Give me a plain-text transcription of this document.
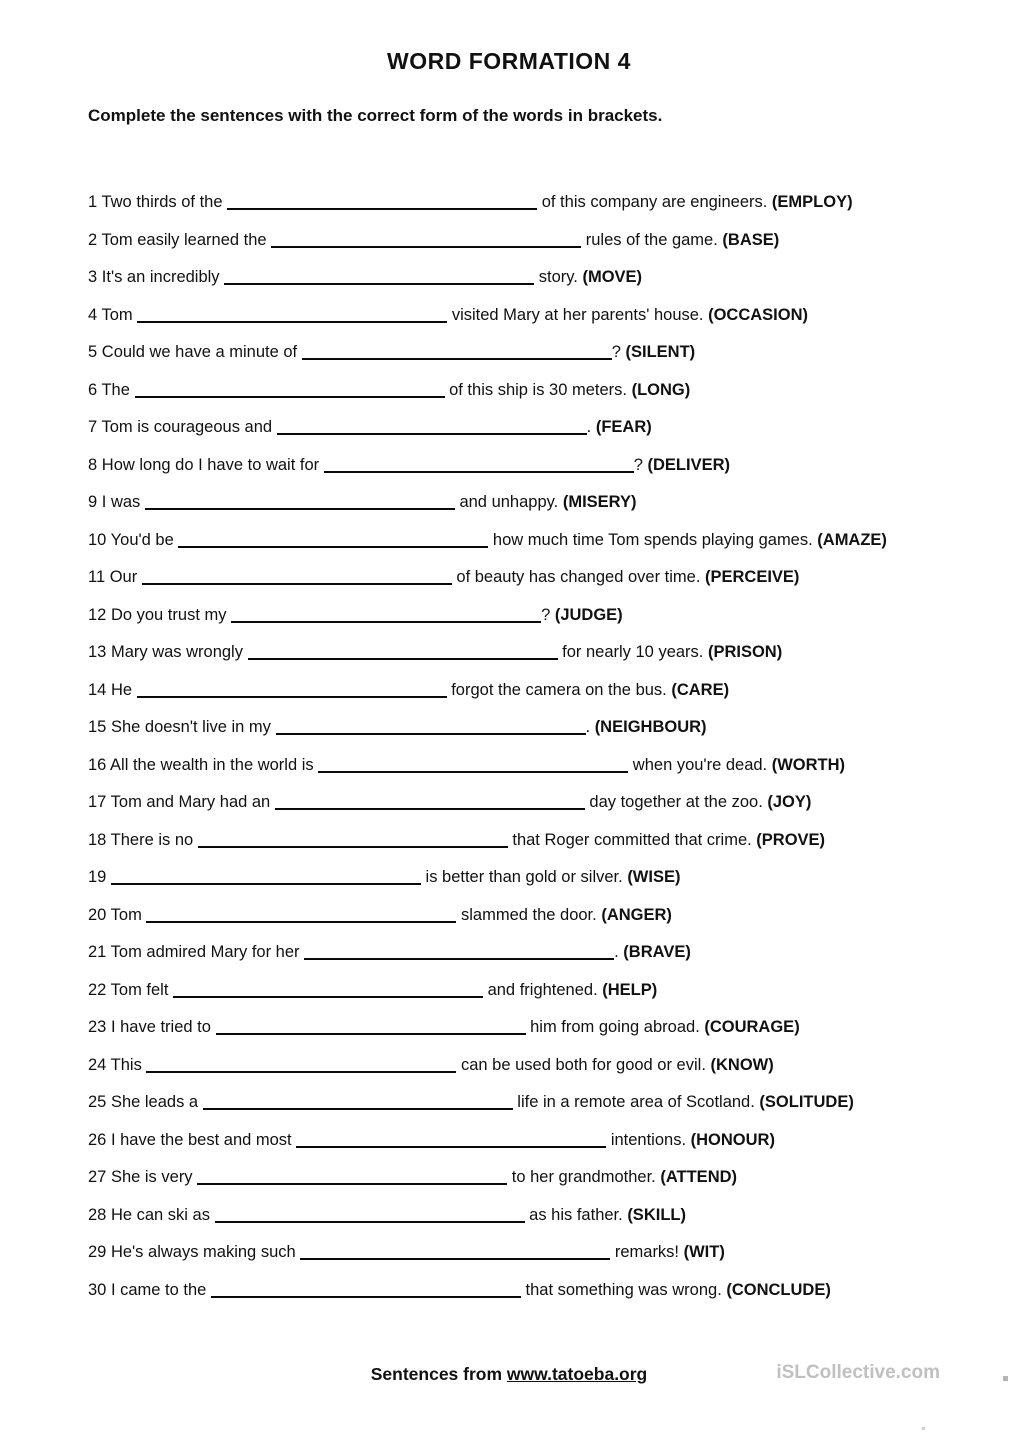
WORD FORMATION 4
Complete the sentences with the correct form of the words in brackets.

1 Two thirds of the	of this company are engineers. (EMPLOY)

2 Tom easily learned the	rules of the game. (BASE)

3 It's an incredibly	story. (MOVE)

4 Tom	visited Mary at her parents' house. (OCCASION)

5 Could we have a minute of	? (SILENT)

6 The	of this ship is 30 meters. (LONG)

7 Tom is courageous and	. (FEAR)

8 How long do I have to wait for	? (DELIVER)

9 I was	and unhappy. (MISERY)

10 You'd be	how much time Tom spends playing games. (AMAZE)

11 Our	of beauty has changed over time. (PERCEIVE)

12 Do you trust my	? (JUDGE)

13 Mary was wrongly	for nearly 10 years. (PRISON)

14 He	forgot the camera on the bus. (CARE)

15 She doesn't live in my	. (NEIGHBOUR)

16 All the wealth in the world is	when you're dead. (WORTH)

17 Tom and Mary had an	day together at the zoo. (JOY)

18 There is no	that Roger committed that crime. (PROVE)

19	is better than gold or silver. (WISE)

20 Tom	slammed the door. (ANGER)

21 Tom admired Mary for her	. (BRAVE)

22 Tom felt	and frightened. (HELP)

23 I have tried to	him from going abroad. (COURAGE)

24 This	can be used both for good or evil. (KNOW)

25 She leads a	life in a remote area of Scotland. (SOLITUDE)

26 I have the best and most	intentions. (HONOUR)

27 She is very	to her grandmother. (ATTEND)

28 He can ski as	as his father. (SKILL)

29 He's always making such	remarks! (WIT)

30 I came to the	that something was wrong. (CONCLUDE)

Sentences from www.tatoeba.org	iSLCollective.com
